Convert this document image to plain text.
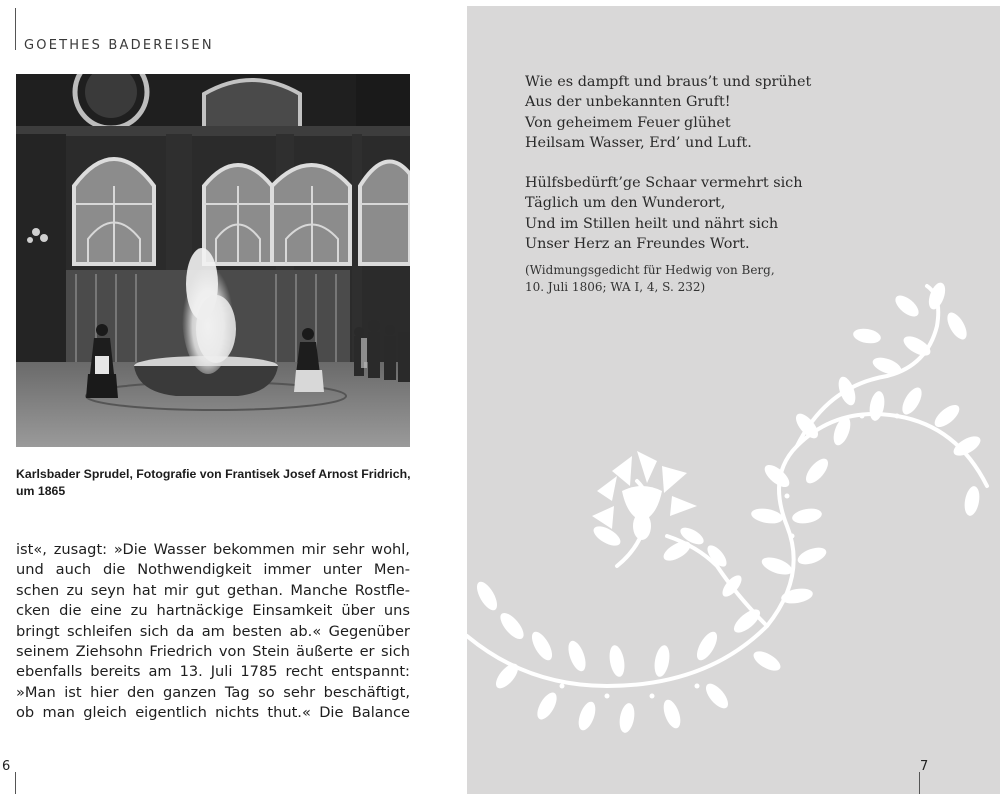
GOETHES BADEREISEN
Karlsbader Sprudel, Fotografie von Frantisek Josef Arnost Fridrich,
um 1865
ist«, zusagt: »Die Wasser bekommen mir sehr wohl,
und auch die Nothwendigkeit immer unter Men-
schen zu seyn hat mir gut gethan. Manche Rostfle-
cken die eine zu hartnäckige Einsamkeit über uns
bringt schleifen sich da am besten ab.« Gegenüber
seinem Ziehsohn Friedrich von Stein äußerte er sich
ebenfalls bereits am 13. Juli 1785 recht entspannt:
»Man ist hier den ganzen Tag so sehr beschäftigt,
ob man gleich eigentlich nichts thut.« Die Balance
6
Wie es dampft und braus’t und sprühet
Aus der unbekannten Gruft!
Von geheimem Feuer glühet
Heilsam Wasser, Erd’ und Luft.
Hülfsbedürft’ge Schaar vermehrt sich
Täglich um den Wunderort,
Und im Stillen heilt und nährt sich
Unser Herz an Freundes Wort.
(Widmungsgedicht für Hedwig von Berg,
10. Juli 1806; WA I, 4, S. 232)
7
